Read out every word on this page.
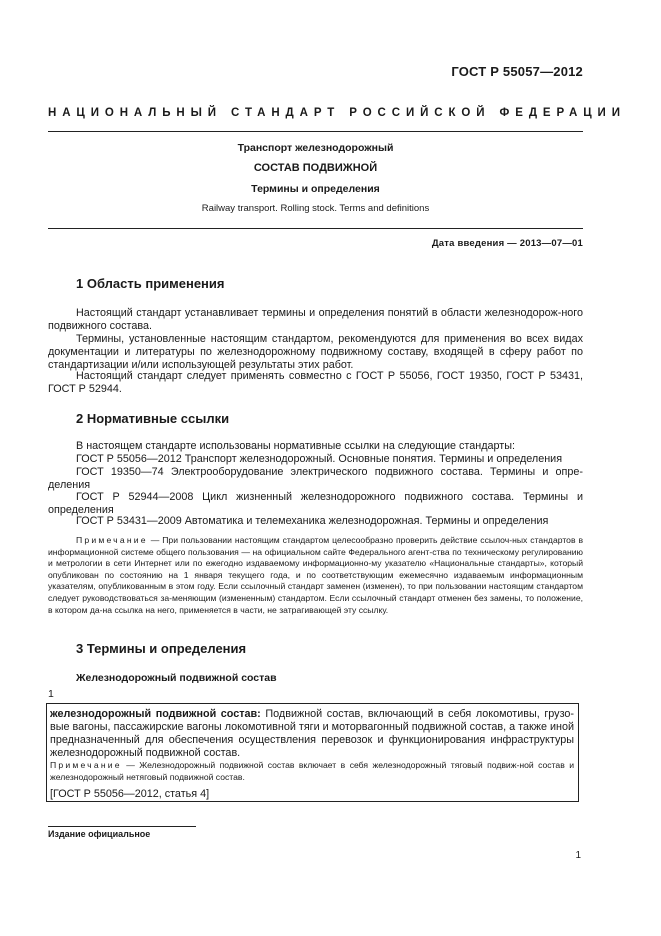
ГОСТ Р 55057—2012
НАЦИОНАЛЬНЫЙ СТАНДАРТ РОССИЙСКОЙ ФЕДЕРАЦИИ
Транспорт железнодорожный
СОСТАВ ПОДВИЖНОЙ
Термины и определения
Railway transport. Rolling stock. Terms and definitions
Дата введения — 2013—07—01
1 Область применения

Настоящий стандарт устанавливает термины и определения понятий в области железнодорож-ного подвижного состава.

Термины, установленные настоящим стандартом, рекомендуются для применения во всех видах документации и литературы по железнодорожному подвижному составу, входящей в сферу работ по стандартизации и/или использующей результаты этих работ.

Настоящий стандарт следует применять совместно с ГОСТ Р 55056, ГОСТ 19350, ГОСТ Р 53431, ГОСТ Р 52944.

2 Нормативные ссылки

В настоящем стандарте использованы нормативные ссылки на следующие стандарты:

ГОСТ Р 55056—2012 Транспорт железнодорожный. Основные понятия. Термины и определения

ГОСТ 19350—74 Электрооборудование электрического подвижного состава. Термины и опре-деления

ГОСТ Р 52944—2008 Цикл жизненный железнодорожного подвижного состава. Термины и определения

ГОСТ Р 53431—2009 Автоматика и телемеханика железнодорожная. Термины и определения

Примечание — При пользовании настоящим стандартом целесообразно проверить действие ссылоч-ных стандартов в информационной системе общего пользования — на официальном сайте Федерального агент-ства по техническому регулированию и метрологии в сети Интернет или по ежегодно издаваемому информационно-му указателю «Национальные стандарты», который опубликован по состоянию на 1 января текущего года, и по соответствующим ежемесячно издаваемым информационным указателям, опубликованным в этом году. Если ссылочный стандарт заменен (изменен), то при пользовании настоящим стандартом следует руководствоваться за-меняющим (измененным) стандартом. Если ссылочный стандарт отменен без замены, то положение, в котором да-на ссылка на него, применяется в части, не затрагивающей эту ссылку.

3 Термины и определения
Железнодорожный подвижной состав
1

железнодорожный подвижной состав: Подвижной состав, включающий в себя локомотивы, грузо-вые вагоны, пассажирские вагоны локомотивной тяги и моторвагонный подвижной состав, а также иной предназначенный для обеспечения осуществления перевозок и функционирования инфраструктуры железнодорожный подвижной состав.

Примечание — Железнодорожный подвижной состав включает в себя железнодорожный тяговый подвиж-ной состав и железнодорожный нетяговый подвижной состав.

[ГОСТ Р 55056—2012, статья 4]

Издание официальное
1
